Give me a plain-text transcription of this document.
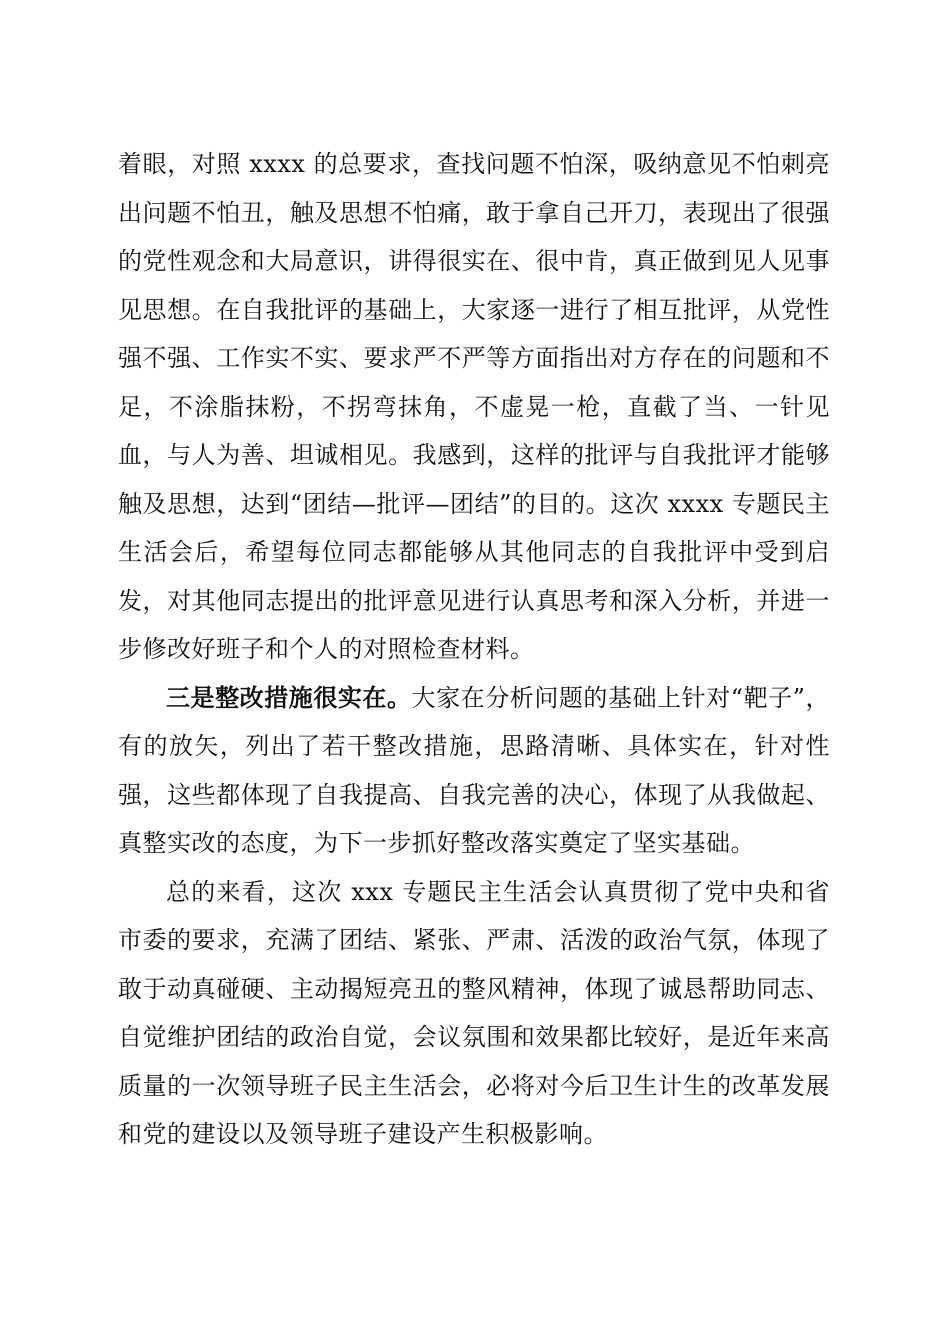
着眼，对照 xxxx 的总要求，查找问题不怕深，吸纳意见不怕刺亮出问题不怕丑，触及思想不怕痛，敢于拿自己开刀，表现出了很强的党性观念和大局意识，讲得很实在、很中肯，真正做到见人见事见思想。在自我批评的基础上，大家逐一进行了相互批评，从党性强不强、工作实不实、要求严不严等方面指出对方存在的问题和不足，不涂脂抹粉，不拐弯抹角，不虚晃一枪，直截了当、一针见血，与人为善、坦诚相见。我感到，这样的批评与自我批评才能够触及思想，达到“团结—批评—团结”的目的。这次 xxxx 专题民主生活会后，希望每位同志都能够从其他同志的自我批评中受到启发，对其他同志提出的批评意见进行认真思考和深入分析，并进一步修改好班子和个人的对照检查材料。

三是整改措施很实在。大家在分析问题的基础上针对“靶子”，有的放矢，列出了若干整改措施，思路清晰、具体实在，针对性强，这些都体现了自我提高、自我完善的决心，体现了从我做起、真整实改的态度，为下一步抓好整改落实奠定了坚实基础。

总的来看，这次 xxx 专题民主生活会认真贯彻了党中央和省市委的要求，充满了团结、紧张、严肃、活泼的政治气氛，体现了敢于动真碰硬、主动揭短亮丑的整风精神，体现了诚恳帮助同志、自觉维护团结的政治自觉，会议氛围和效果都比较好，是近年来高质量的一次领导班子民主生活会，必将对今后卫生计生的改革发展和党的建设以及领导班子建设产生积极影响。
